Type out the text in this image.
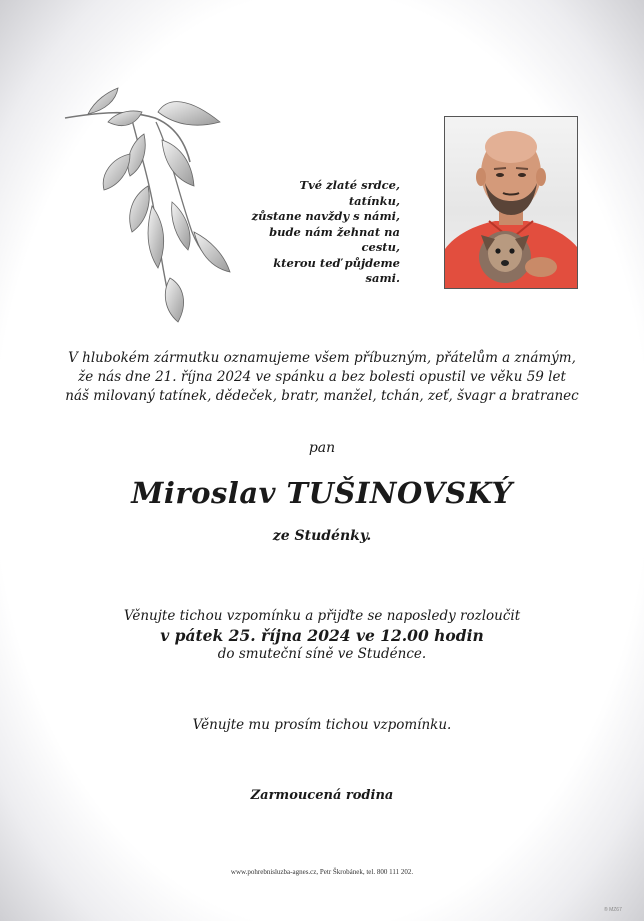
Tvé zlaté srdce, tatínku,
zůstane navždy s námi,
bude nám žehnat na cestu,
kterou teď půjdeme sami.
V hlubokém zármutku oznamujeme všem příbuzným, přátelům a známým,
že nás dne 21. října 2024 ve spánku a bez bolesti opustil ve věku 59 let
náš milovaný tatínek, dědeček, bratr, manžel, tchán, zeť, švagr a bratranec
pan
Miroslav TUŠINOVSKÝ
ze Studénky.
Věnujte tichou vzpomínku a přijďte se naposledy rozloučit
v pátek 25. října 2024 ve 12.00 hodin
do smuteční síně ve Studénce.
Věnujte mu prosím tichou vzpomínku.
Zarmoucená rodina
www.pohrebnisluzba-agnes.cz, Petr Škrobánek, tel. 800 111 202.
® MZ67
